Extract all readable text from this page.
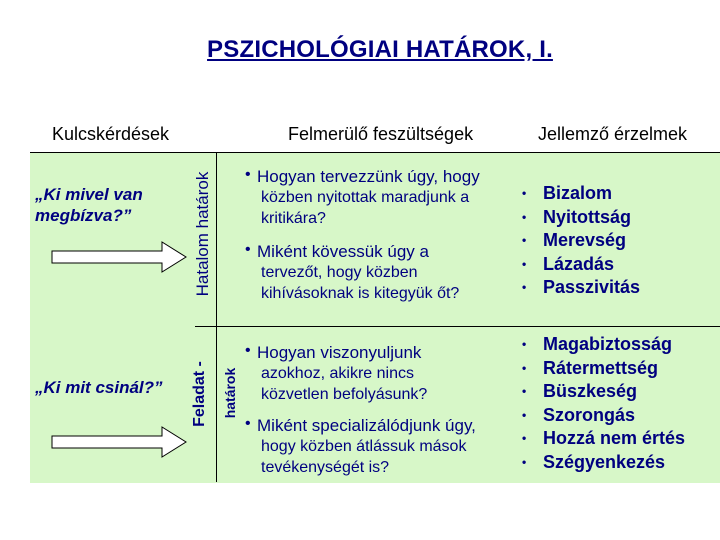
PSZICHOLÓGIAI HATÁROK, I.
Kulcskérdések	Felmerülő feszültségek	Jellemző érzelmek
Hatalom határok
Feladat - határok
„Ki mivel van megbízva?”
„Ki mit csinál?”
• Hogyan tervezzünk úgy, hogy
közben nyitottak maradjunk a kritikára?
• Miként kövessük úgy a
tervezőt, hogy közben kihívásoknak is kitegyük őt?
• Hogyan viszonyuljunk
azokhoz, akikre nincs közvetlen befolyásunk?
• Miként specializálódjunk úgy,
hogy közben átlássuk mások tevékenységét is?
• Bizalom
• Nyitottság
• Merevség
• Lázadás
• Passzivitás
• Magabiztosság
• Rátermettség
• Büszkeség
• Szorongás
• Hozzá nem értés
• Szégyenkezés
